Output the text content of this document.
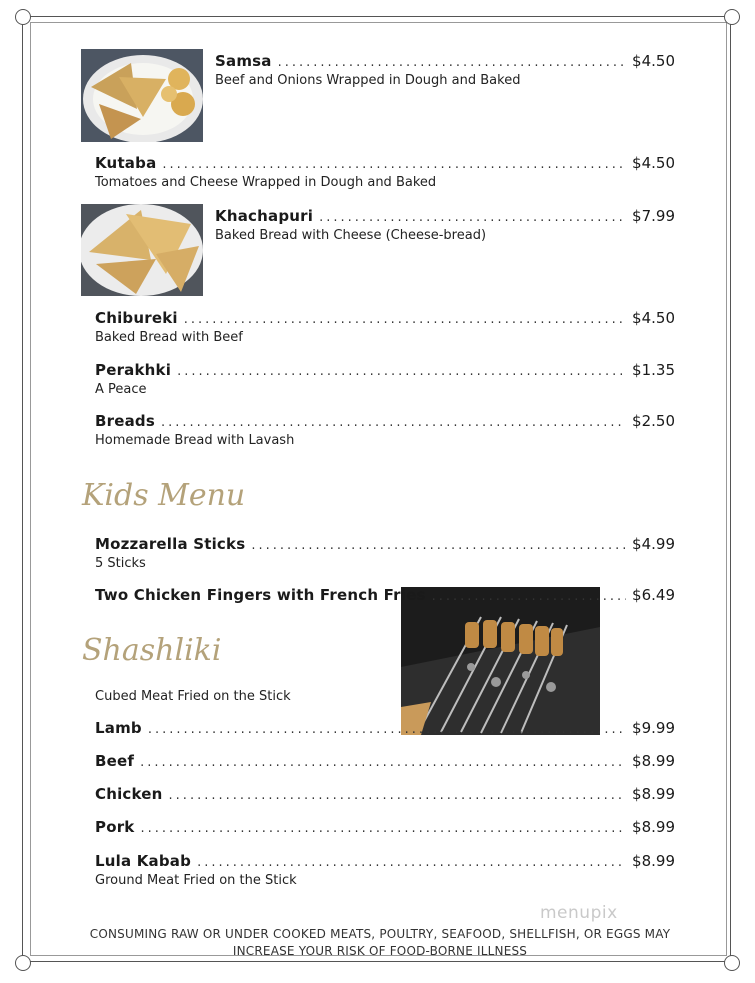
Samsa .....	$4.50
Beef and Onions Wrapped in Dough and Baked
Kutaba .....	$4.50
Tomatoes and Cheese Wrapped in Dough and Baked
Khachapuri .....	$7.99
Baked Bread with Cheese (Cheese-bread)
Chibureki .....	$4.50
Baked Bread with Beef
Perakhki .....	$1.35
A Peace
Breads .....	$2.50
Homemade Bread with Lavash
Kids Menu
Mozzarella Sticks .....	$4.99
5 Sticks
Two Chicken Fingers with French Fries .....	$6.49
Shashliki
Cubed Meat Fried on the Stick
Lamb .....	$9.99
Beef .....	$8.99
Chicken .....	$8.99
Pork .....	$8.99
Lula Kabab .....	$8.99
Ground Meat Fried on the Stick
menupix
CONSUMING RAW OR UNDER COOKED MEATS, POULTRY, SEAFOOD, SHELLFISH, OR EGGS MAY
INCREASE YOUR RISK OF FOOD-BORNE ILLNESS
